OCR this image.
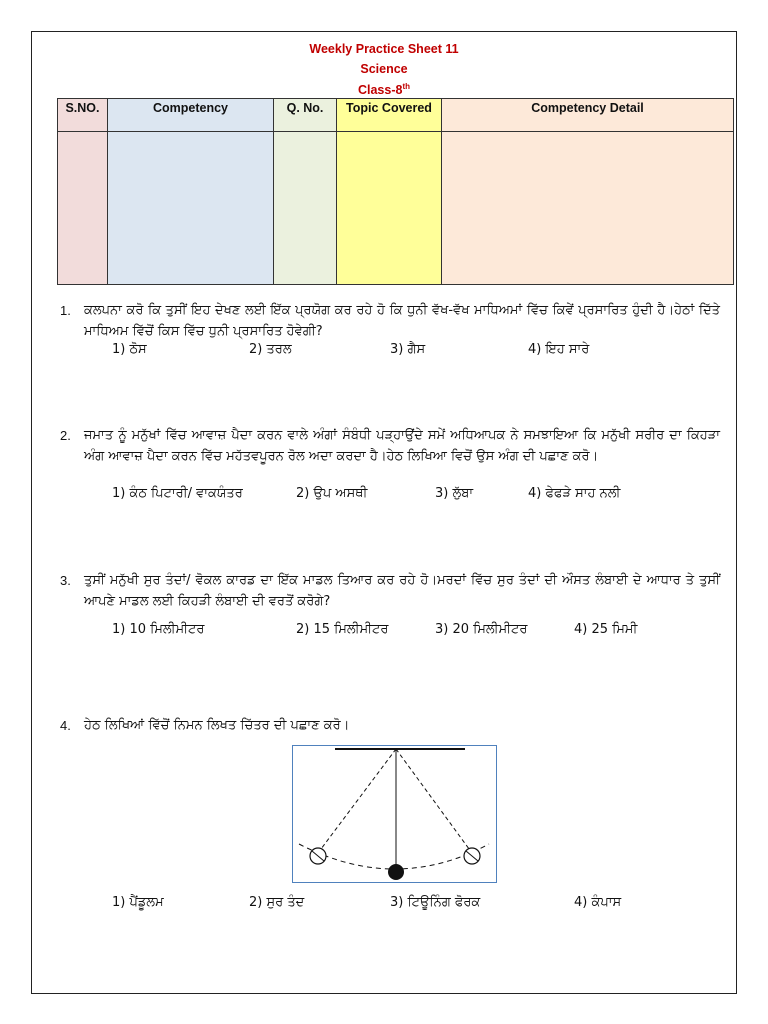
Weekly Practice Sheet 11
Science
Class-8th
S.NO.	Competency	Q. No.	Topic Covered	Competency Detail

1. ਕਲਪਨਾ ਕਰੋ ਕਿ ਤੁਸੀਂ ਇਹ ਦੇਖਣ ਲਈ ਇੱਕ ਪ੍ਰਯੋਗ ਕਰ ਰਹੇ ਹੋ ਕਿ ਧੁਨੀ ਵੱਖ-ਵੱਖ ਮਾਧਿਅਮਾਂ ਵਿੱਚ ਕਿਵੇਂ ਪ੍ਰਸਾਰਿਤ ਹੁੰਦੀ ਹੈ।ਹੇਠਾਂ ਦਿੱਤੇ ਮਾਧਿਅਮ ਵਿੱਚੋਂ ਕਿਸ ਵਿੱਚ ਧੁਨੀ ਪ੍ਰਸਾਰਿਤ ਹੋਵੇਗੀ?
1) ਠੋਸ	2) ਤਰਲ	3) ਗੈਸ	4) ਇਹ ਸਾਰੇ
2. ਜਮਾਤ ਨੂੰ ਮਨੁੱਖਾਂ ਵਿੱਚ ਆਵਾਜ਼ ਪੈਦਾ ਕਰਨ ਵਾਲੇ ਅੰਗਾਂ ਸੰਬੰਧੀ ਪੜ੍ਹਾਉਂਦੇ ਸਮੇਂ ਅਧਿਆਪਕ ਨੇ ਸਮਝਾਇਆ ਕਿ ਮਨੁੱਖੀ ਸਰੀਰ ਦਾ ਕਿਹੜਾ ਅੰਗ ਆਵਾਜ਼ ਪੈਦਾ ਕਰਨ ਵਿੱਚ ਮਹੱਤਵਪੂਰਨ ਰੋਲ ਅਦਾ ਕਰਦਾ ਹੈ।ਹੇਠ ਲਿਖਿਆ ਵਿਚੋਂ ਉਸ ਅੰਗ ਦੀ ਪਛਾਣ ਕਰੋ।
1) ਕੰਠ ਪਿਟਾਰੀ/ ਵਾਕਯੰਤਰ	2) ਉਪ ਅਸਥੀ	3) ਲੁੱਬਾ	4) ਫੇਫੜੇ ਸਾਹ ਨਲੀ
3. ਤੁਸੀਂ ਮਨੁੱਖੀ ਸੁਰ ਤੰਦਾਂ/ ਵੋਕਲ ਕਾਰਡ ਦਾ ਇੱਕ ਮਾਡਲ ਤਿਆਰ ਕਰ ਰਹੇ ਹੋ।ਮਰਦਾਂ ਵਿੱਚ ਸੁਰ ਤੰਦਾਂ ਦੀ ਔਸਤ ਲੰਬਾਈ ਦੇ ਆਧਾਰ ਤੇ ਤੁਸੀਂ ਆਪਣੇ ਮਾਡਲ ਲਈ ਕਿਹੜੀ ਲੰਬਾਈ ਦੀ ਵਰਤੋਂ ਕਰੋਗੇ?
1) 10 ਮਿਲੀਮੀਟਰ	2) 15 ਮਿਲੀਮੀਟਰ	3) 20 ਮਿਲੀਮੀਟਰ	4) 25 ਮਿਮੀ
4. ਹੇਠ ਲਿਖਿਆਂ ਵਿੱਚੋਂ ਨਿਮਨ ਲਿਖਤ ਚਿੱਤਰ ਦੀ ਪਛਾਣ ਕਰੋ।
1) ਪੈਂਡੂਲਮ	2) ਸੁਰ ਤੰਦ	3) ਟਿਊਨਿੰਗ ਫੋਰਕ	4) ਕੰਪਾਸ
